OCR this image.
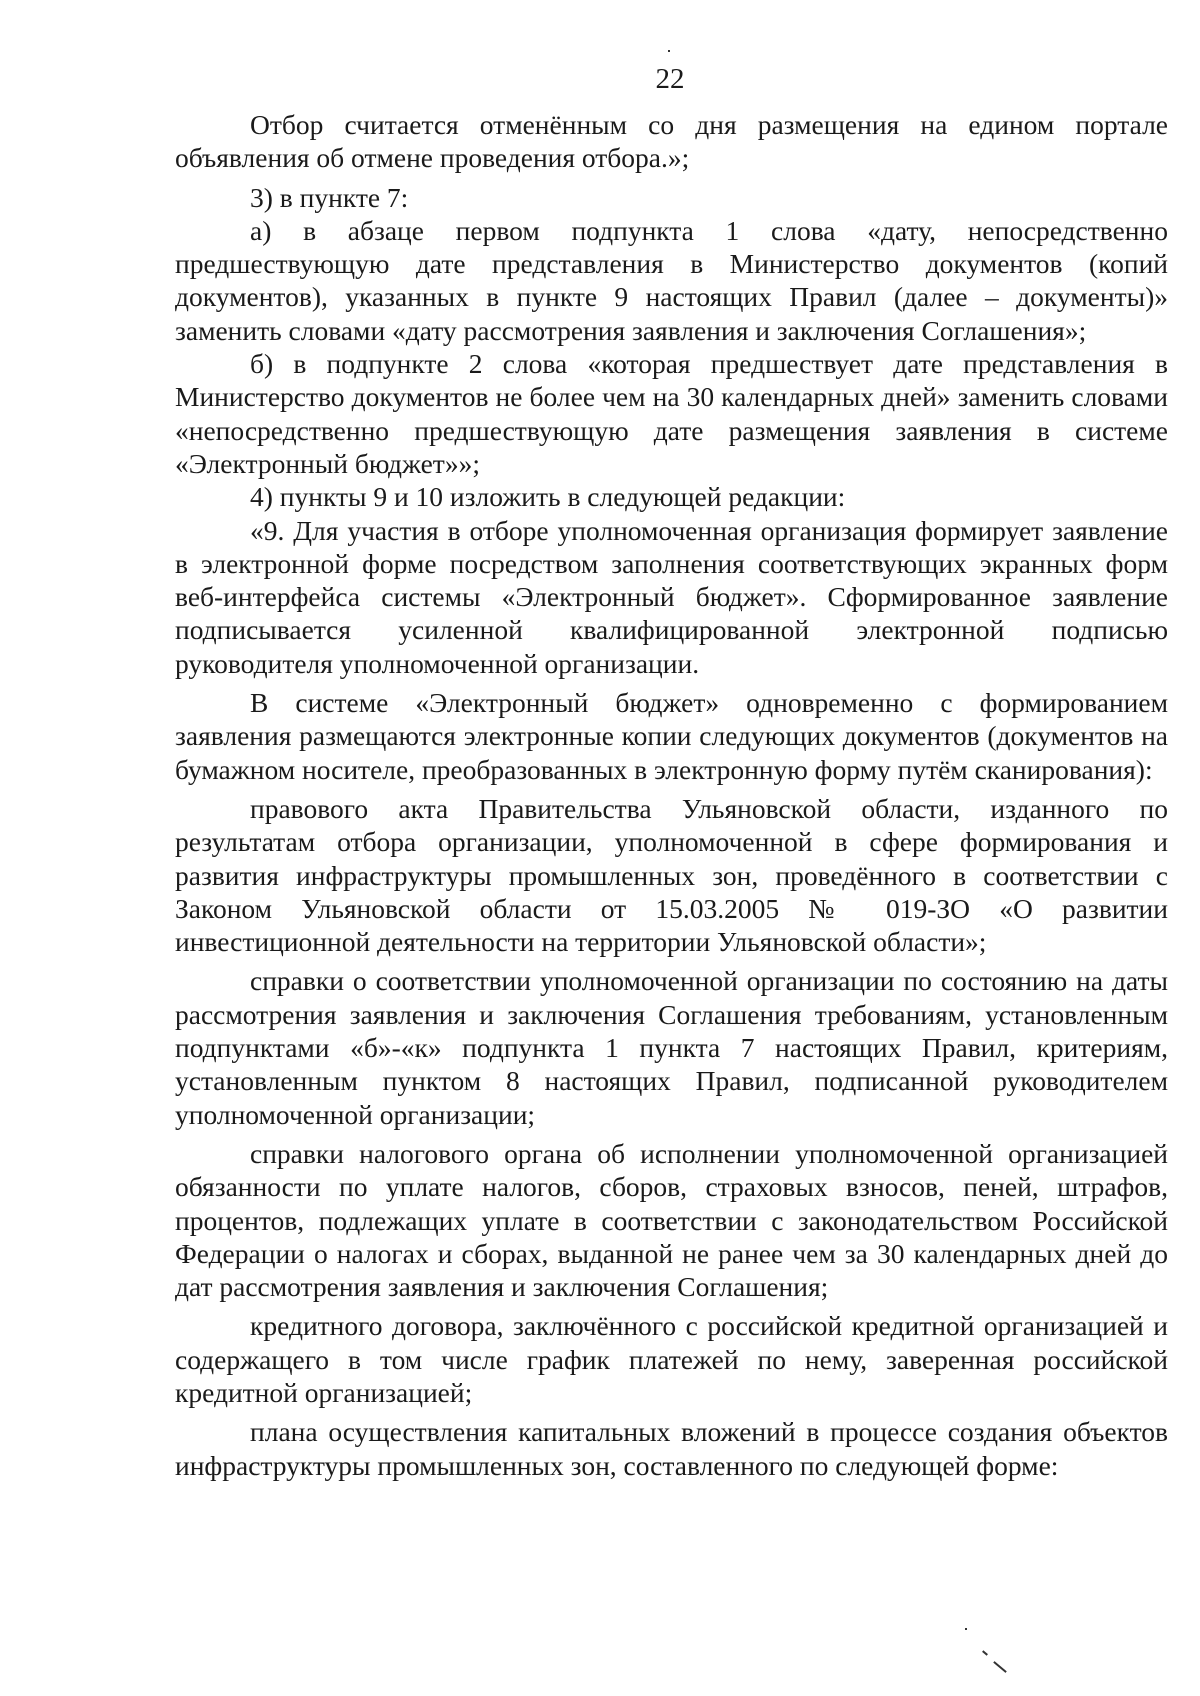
22

Отбор считается отменённым со дня размещения на едином портале объявления об отмене проведения отбора.»;

3) в пункте 7:

а) в абзаце первом подпункта 1 слова «дату, непосредственно предшествующую дате представления в Министерство документов (копий документов), указанных в пункте 9 настоящих Правил (далее – документы)» заменить словами «дату рассмотрения заявления и заключения Соглашения»;

б) в подпункте 2 слова «которая предшествует дате представления в Министерство документов не более чем на 30 календарных дней» заменить словами «непосредственно предшествующую дате размещения заявления в системе «Электронный бюджет»»;

4) пункты 9 и 10 изложить в следующей редакции:

«9. Для участия в отборе уполномоченная организация формирует заявление в электронной форме посредством заполнения соответствующих экранных форм веб-интерфейса системы «Электронный бюджет». Сформированное заявление подписывается усиленной квалифицированной электронной подписью руководителя уполномоченной организации.

В системе «Электронный бюджет» одновременно с формированием заявления размещаются электронные копии следующих документов (документов на бумажном носителе, преобразованных в электронную форму путём сканирования):

правового акта Правительства Ульяновской области, изданного по результатам отбора организации, уполномоченной в сфере формирования и развития инфраструктуры промышленных зон, проведённого в соответствии с Законом Ульяновской области от 15.03.2005 № 019-ЗО «О развитии инвестиционной деятельности на территории Ульяновской области»;

справки о соответствии уполномоченной организации по состоянию на даты рассмотрения заявления и заключения Соглашения требованиям, установленным подпунктами «б»-«к» подпункта 1 пункта 7 настоящих Правил, критериям, установленным пунктом 8 настоящих Правил, подписанной руководителем уполномоченной организации;

справки налогового органа об исполнении уполномоченной организацией обязанности по уплате налогов, сборов, страховых взносов, пеней, штрафов, процентов, подлежащих уплате в соответствии с законодательством Российской Федерации о налогах и сборах, выданной не ранее чем за 30 календарных дней до дат рассмотрения заявления и заключения Соглашения;

кредитного договора, заключённого с российской кредитной организацией и содержащего в том числе график платежей по нему, заверенная российской кредитной организацией;

плана осуществления капитальных вложений в процессе создания объектов инфраструктуры промышленных зон, составленного по следующей форме:
